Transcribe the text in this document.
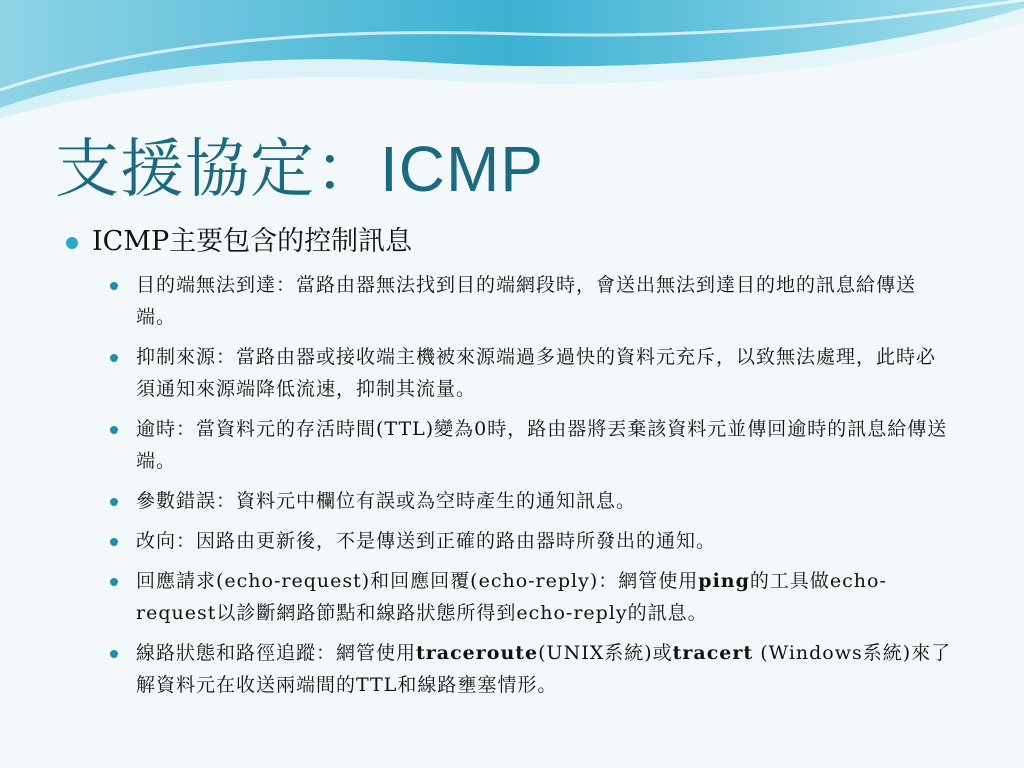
支援協定：ICMP
ICMP主要包含的控制訊息
目的端無法到達：當路由器無法找到目的端網段時，會送出無法到達目的地的訊息給傳送端。
抑制來源：當路由器或接收端主機被來源端過多過快的資料元充斥，以致無法處理，此時必須通知來源端降低流速，抑制其流量。
逾時：當資料元的存活時間(TTL)變為0時，路由器將丟棄該資料元並傳回逾時的訊息給傳送端。
參數錯誤：資料元中欄位有誤或為空時產生的通知訊息。
改向：因路由更新後，不是傳送到正確的路由器時所發出的通知。
回應請求(echo-request)和回應回覆(echo-reply)：網管使用ping的工具做echo-request以診斷網路節點和線路狀態所得到echo-reply的訊息。
線路狀態和路徑追蹤：網管使用traceroute(UNIX系統)或tracert (Windows系統)來了解資料元在收送兩端間的TTL和線路壅塞情形。
